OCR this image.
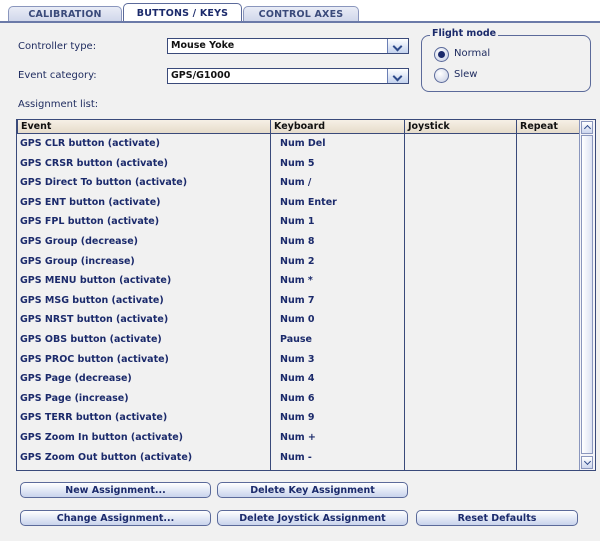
CALIBRATION	BUTTONS / KEYS	CONTROL AXES
Controller type:	Mouse Yoke
Event category:	GPS/G1000
Flight mode
Normal
Slew
Assignment list:
Event	Keyboard	Joystick	Repeat
GPS CLR button (activate)	Num Del
GPS CRSR button (activate)	Num 5
GPS Direct To button (activate)	Num /
GPS ENT button (activate)	Num Enter
GPS FPL button (activate)	Num 1
GPS Group (decrease)	Num 8
GPS Group (increase)	Num 2
GPS MENU button (activate)	Num *
GPS MSG button (activate)	Num 7
GPS NRST button (activate)	Num 0
GPS OBS button (activate)	Pause
GPS PROC button (activate)	Num 3
GPS Page (decrease)	Num 4
GPS Page (increase)	Num 6
GPS TERR button (activate)	Num 9
GPS Zoom In button (activate)	Num +
GPS Zoom Out button (activate)	Num -
New Assignment...	Delete Key Assignment
Change Assignment...	Delete Joystick Assignment	Reset Defaults
